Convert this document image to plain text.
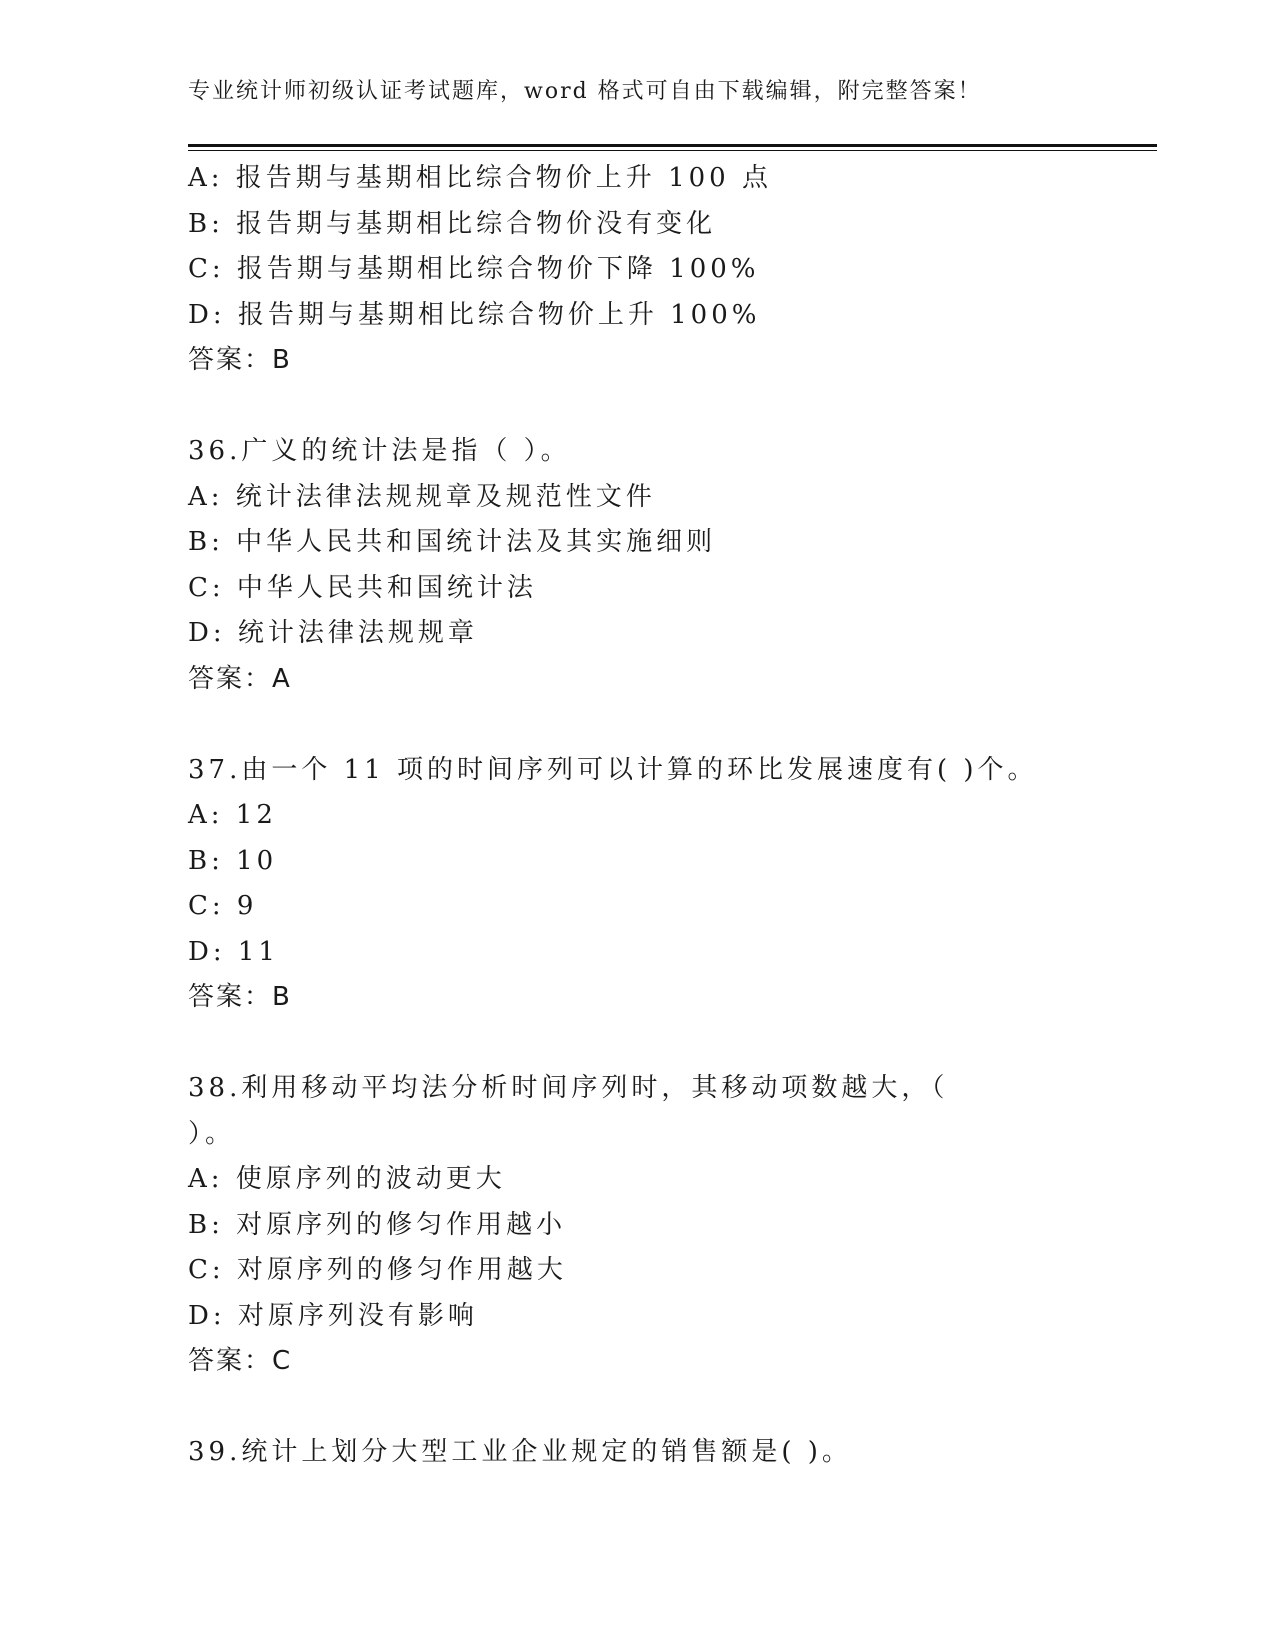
专业统计师初级认证考试题库，word 格式可自由下载编辑，附完整答案！
A: 报告期与基期相比综合物价上升 100 点
B: 报告期与基期相比综合物价没有变化
C: 报告期与基期相比综合物价下降 100%
D: 报告期与基期相比综合物价上升 100%
答案：B
36.广义的统计法是指（ ）。
A: 统计法律法规规章及规范性文件
B: 中华人民共和国统计法及其实施细则
C: 中华人民共和国统计法
D: 统计法律法规规章
答案：A
37.由一个 11 项的时间序列可以计算的环比发展速度有( )个。
A: 12
B: 10
C: 9
D: 11
答案：B
38.利用移动平均法分析时间序列时，其移动项数越大，（
）。
A: 使原序列的波动更大
B: 对原序列的修匀作用越小
C: 对原序列的修匀作用越大
D: 对原序列没有影响
答案：C
39.统计上划分大型工业企业规定的销售额是( )。
